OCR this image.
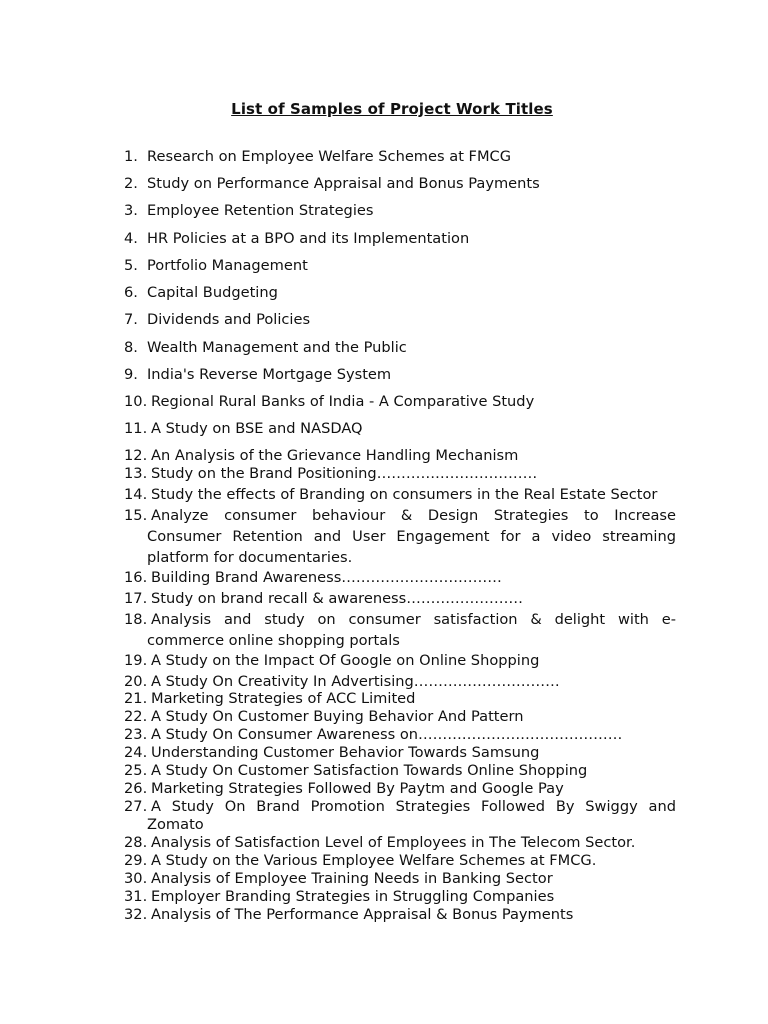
List of Samples of Project Work Titles
1. Research on Employee Welfare Schemes at FMCG
2. Study on Performance Appraisal and Bonus Payments
3. Employee Retention Strategies
4. HR Policies at a BPO and its Implementation
5. Portfolio Management
6. Capital Budgeting
7. Dividends and Policies
8. Wealth Management and the Public
9. India's Reverse Mortgage System
10. Regional Rural Banks of India - A Comparative Study
11. A Study on BSE and NASDAQ
12. An Analysis of the Grievance Handling Mechanism
13. Study on the Brand Positioning……………………………
14. Study the effects of Branding on consumers in the Real Estate Sector
15. Analyze consumer behaviour & Design Strategies to Increase Consumer Retention and User Engagement for a video streaming platform for documentaries.
16. Building Brand Awareness……………………………
17. Study on brand recall & awareness……………………
18. Analysis and study on consumer satisfaction & delight with e-commerce online shopping portals
19. A Study on the Impact Of Google on Online Shopping
20. A Study On Creativity In Advertising…………………………
21. Marketing Strategies of ACC Limited
22. A Study On Customer Buying Behavior And Pattern
23. A Study On Consumer Awareness on……………………………………
24. Understanding Customer Behavior Towards Samsung
25. A Study On Customer Satisfaction Towards Online Shopping
26. Marketing Strategies Followed By Paytm and Google Pay
27. A Study On Brand Promotion Strategies Followed By Swiggy and Zomato
28. Analysis of Satisfaction Level of Employees in The Telecom Sector.
29. A Study on the Various Employee Welfare Schemes at FMCG.
30. Analysis of Employee Training Needs in Banking Sector
31. Employer Branding Strategies in Struggling Companies
32. Analysis of The Performance Appraisal & Bonus Payments
